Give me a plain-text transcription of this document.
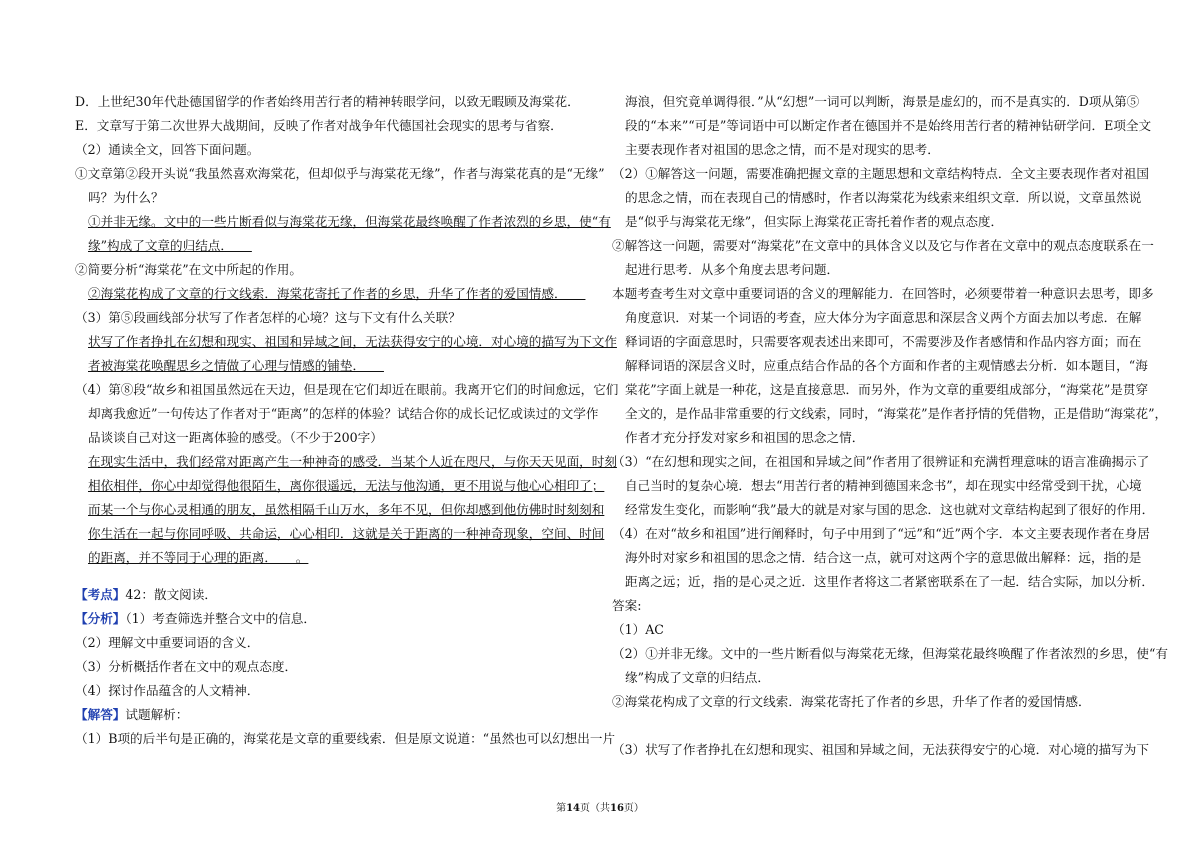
D．上世纪30年代赴德国留学的作者始终用苦行者的精神转眼学问，以致无暇顾及海棠花．
E．文章写于第二次世界大战期间，反映了作者对战争年代德国社会现实的思考与省察．
（2）通读全文，回答下面问题。
①文章第②段开头说“我虽然喜欢海棠花，但却似乎与海棠花无缘”，作者与海棠花真的是“无缘”
吗？为什么？
①并非无缘。文中的一些片断看似与海棠花无缘，但海棠花最终唤醒了作者浓烈的乡思，使“有
缘”构成了文章的归结点．　　
②简要分析“海棠花”在文中所起的作用。
②海棠花构成了文章的行文线索．海棠花寄托了作者的乡思，升华了作者的爱国情感．　　
（3）第⑤段画线部分状写了作者怎样的心境？这与下文有什么关联？
状写了作者挣扎在幻想和现实、祖国和异域之间，无法获得安宁的心境．对心境的描写为下文作
者被海棠花唤醒思乡之情做了心理与情感的铺垫．　　
（4）第⑧段“故乡和祖国虽然远在天边，但是现在它们却近在眼前。我离开它们的时间愈远，它们
却离我愈近”一句传达了作者对于“距离”的怎样的体验？试结合你的成长记忆或读过的文学作
品谈谈自己对这一距离体验的感受。（不少于200字）
在现实生活中，我们经常对距离产生一种神奇的感受．当某个人近在咫尺，与你天天见面，时刻
相依相伴，你心中却觉得他很陌生，离你很遥远，无法与他沟通，更不用说与他心心相印了；
而某一个与你心灵相通的朋友，虽然相隔千山万水，多年不见，但你却感到他仿佛时时刻刻和
你生活在一起与你同呼吸、共命运，心心相印．这就是关于距离的一种神奇现象，空间、时间
的距离，并不等同于心理的距离．　　。
【考点】42：散文阅读．
【分析】（1）考查筛选并整合文中的信息．
（2）理解文中重要词语的含义．
（3）分析概括作者在文中的观点态度．
（4）探讨作品蕴含的人文精神．
【解答】试题解析：
（1）B项的后半句是正确的，海棠花是文章的重要线索．但是原文说道：“虽然也可以幻想出一片
海浪，但究竟单调得很．”从“幻想”一词可以判断，海景是虚幻的，而不是真实的．D项从第⑤
段的“本来”“可是”等词语中可以断定作者在德国并不是始终用苦行者的精神钻研学问．E项全文
主要表现作者对祖国的思念之情，而不是对现实的思考．
（2）①解答这一问题，需要准确把握文章的主题思想和文章结构特点．全文主要表现作者对祖国
的思念之情，而在表现自己的情感时，作者以海棠花为线索来组织文章．所以说，文章虽然说
是“似乎与海棠花无缘”，但实际上海棠花正寄托着作者的观点态度．
②解答这一问题，需要对“海棠花”在文章中的具体含义以及它与作者在文章中的观点态度联系在一
起进行思考．从多个角度去思考问题．
本题考查考生对文章中重要词语的含义的理解能力．在回答时，必须要带着一种意识去思考，即多
角度意识．对某一个词语的考查，应大体分为字面意思和深层含义两个方面去加以考虑．在解
释词语的字面意思时，只需要客观表述出来即可，不需要涉及作者感情和作品内容方面；而在
解释词语的深层含义时，应重点结合作品的各个方面和作者的主观情感去分析．如本题目，“海
棠花”字面上就是一种花，这是直接意思．而另外，作为文章的重要组成部分，“海棠花”是贯穿
全文的，是作品非常重要的行文线索，同时，“海棠花”是作者抒情的凭借物，正是借助“海棠花”，
作者才充分抒发对家乡和祖国的思念之情．
（3）“在幻想和现实之间，在祖国和异域之间”作者用了很辨证和充满哲理意味的语言准确揭示了
自己当时的复杂心境．想去“用苦行者的精神到德国来念书”，却在现实中经常受到干扰，心境
经常发生变化，而影响“我”最大的就是对家与国的思念．这也就对文章结构起到了很好的作用．
（4）在对“故乡和祖国”进行阐释时，句子中用到了“远”和“近”两个字．本文主要表现作者在身居
海外时对家乡和祖国的思念之情．结合这一点，就可对这两个字的意思做出解释：远，指的是
距离之远；近，指的是心灵之近．这里作者将这二者紧密联系在了一起．结合实际，加以分析．
答案:
（1）AC
（2）①并非无缘。文中的一些片断看似与海棠花无缘，但海棠花最终唤醒了作者浓烈的乡思，使“有
缘”构成了文章的归结点．
②海棠花构成了文章的行文线索．海棠花寄托了作者的乡思，升华了作者的爱国情感．
（3）状写了作者挣扎在幻想和现实、祖国和异域之间，无法获得安宁的心境．对心境的描写为下
第14页（共16页）
